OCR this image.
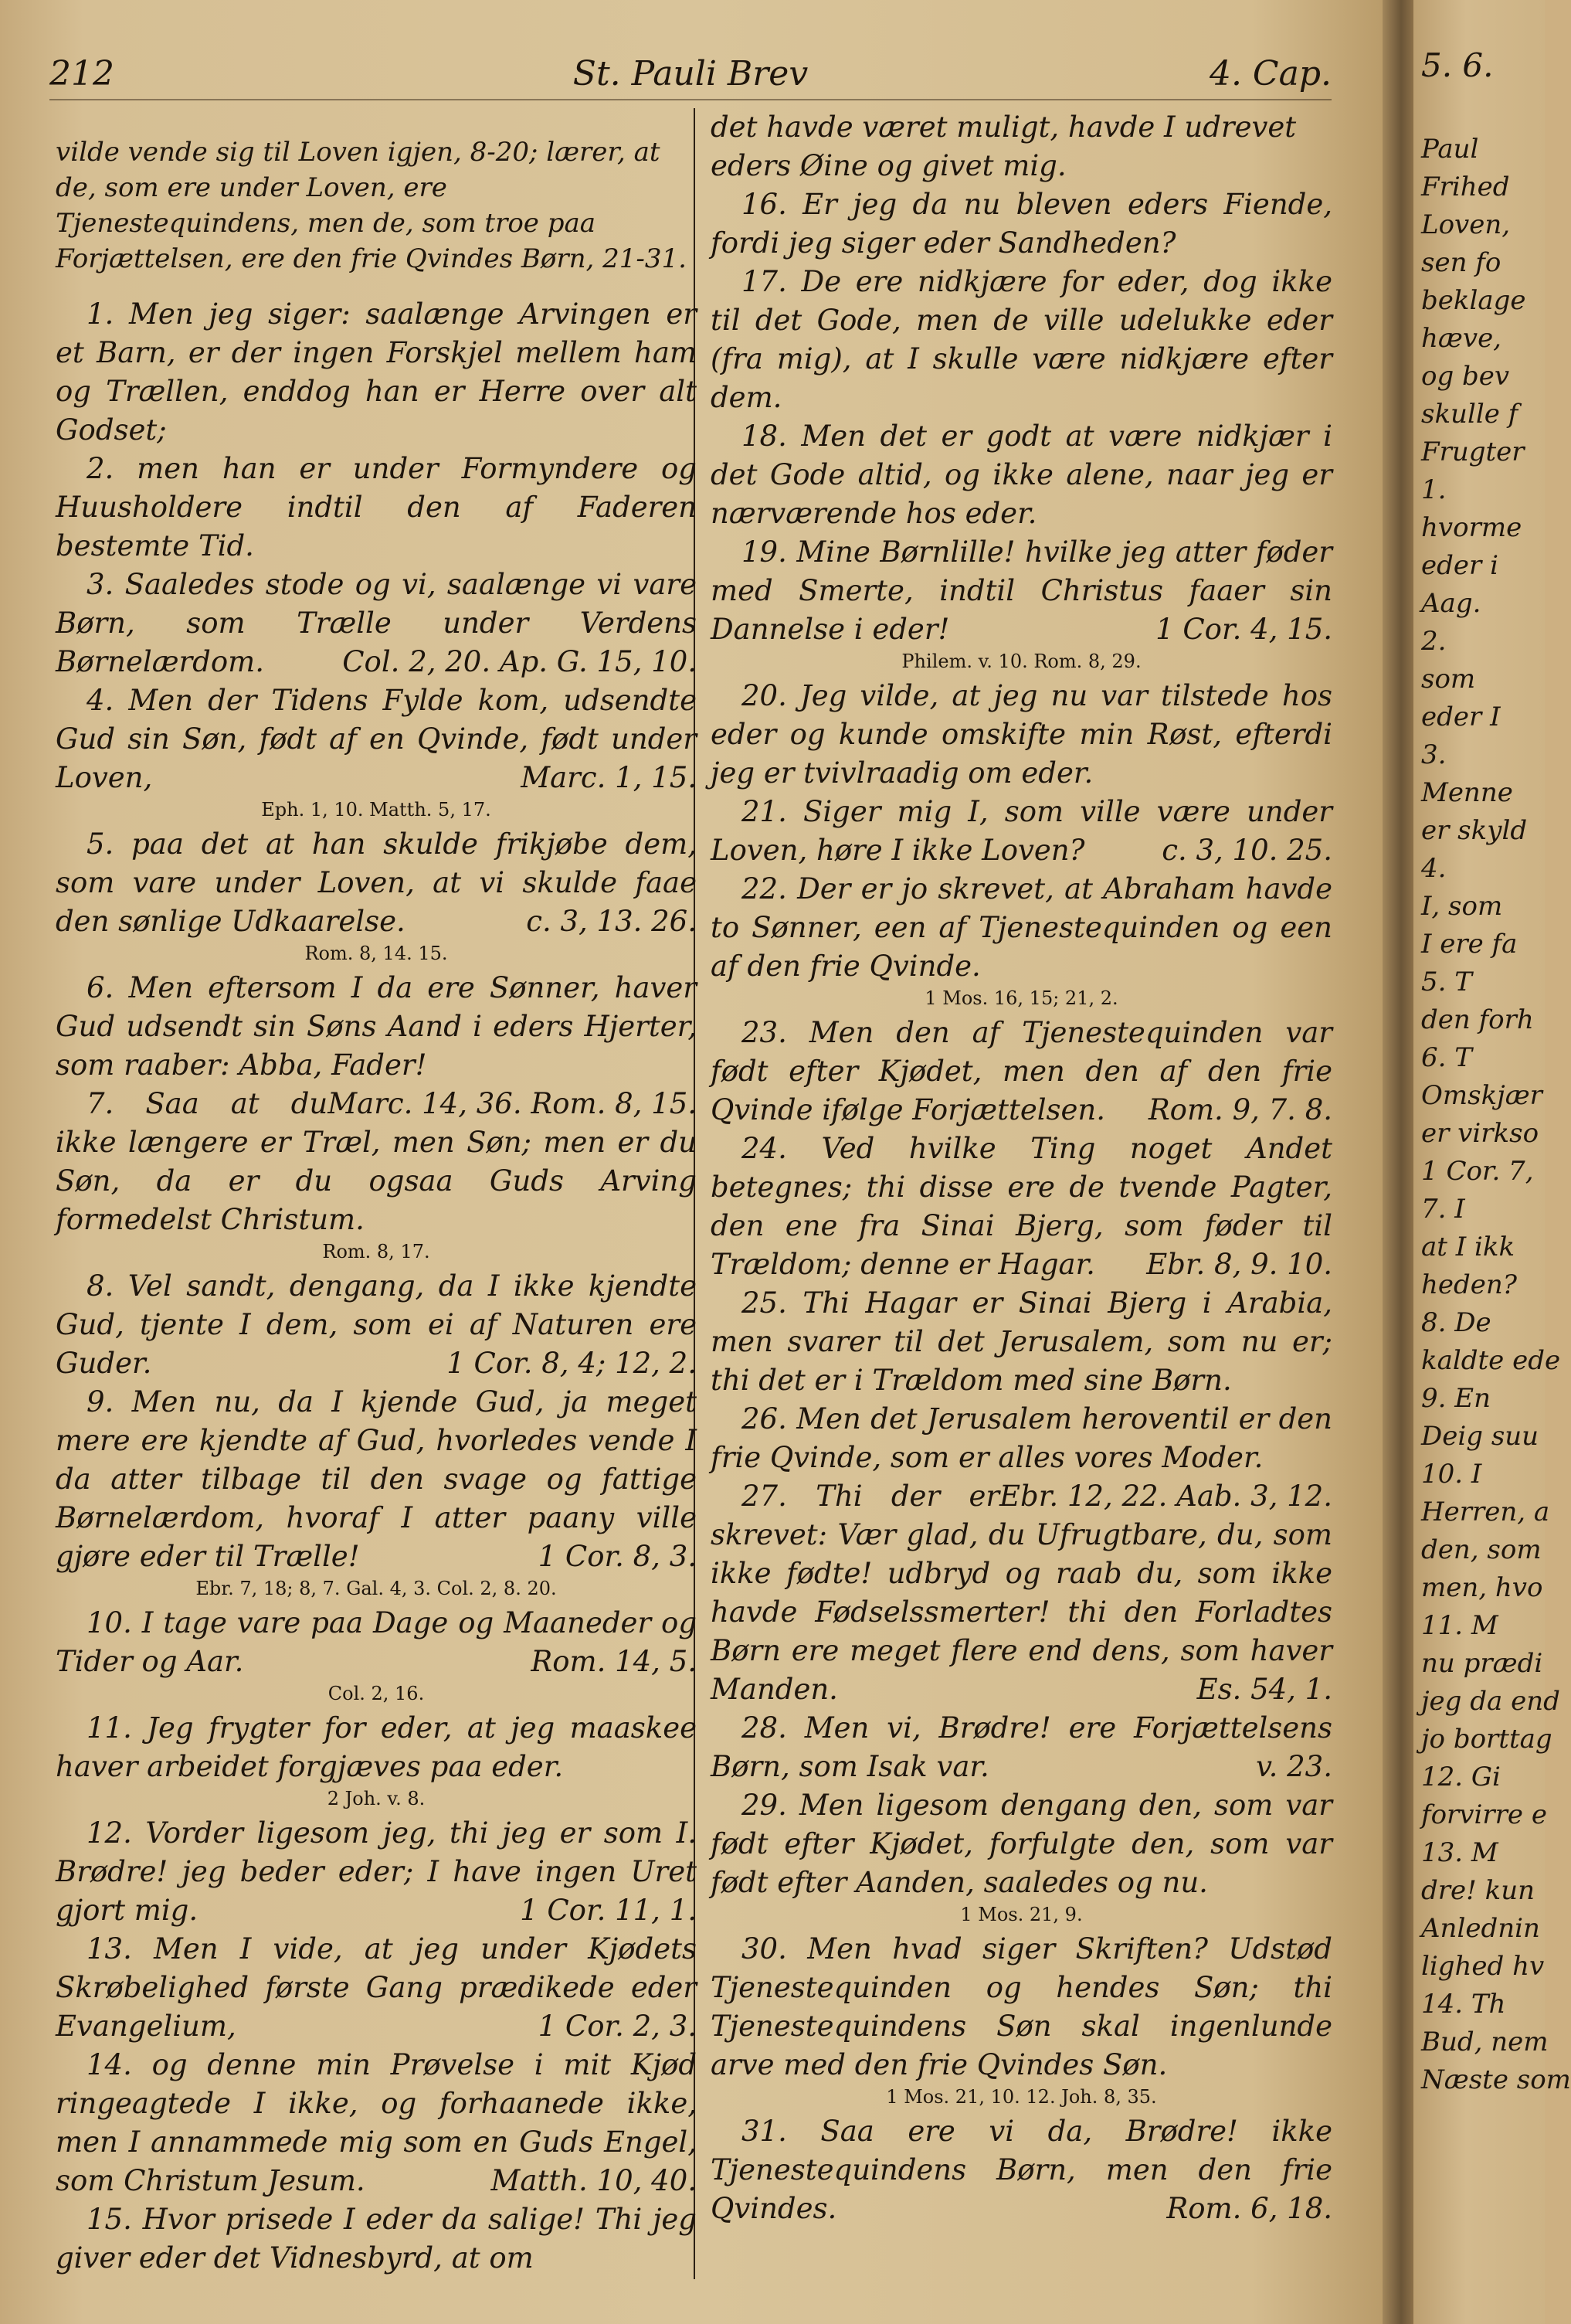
5. 6.
Paul
Frihed
Loven,
sen fo
beklage
hæve,
og bev
skulle f
Frugter
1.
hvorme
eder i
Aag.
2.
som
eder I
3.
Menne
er skyld
4.
I, som
I ere fa
5. T
den forh
6. T
Omskjær
er virkso
1 Cor. 7,
7. I
at I ikk
heden?
8. De
kaldte ede
9. En
Deig suu
10. I
Herren, a
den, som
men, hvo
11. M
nu prædi
jeg da end
jo borttag
12. Gi
forvirre e
13. M
dre! kun
Anlednin
lighed hv
14. Th
Bud, nem
Næste som
St. Pauli Brev
212	4. Cap.

vilde vende sig til Loven igjen, 8-20; lærer, at de, som ere under Loven, ere Tjenestequindens, men de, som troe paa Forjættelsen, ere den frie Qvindes Børn, 21-31.

1. Men jeg siger: saalænge Arvingen er et Barn, er der ingen Forskjel mellem ham og Trællen, enddog han er Herre over alt Godset;

2. men han er under Formyndere og Huusholdere indtil den af Faderen bestemte Tid.

3. Saaledes stode og vi, saalænge vi vare Børn, som Trælle under Verdens Børnelærdom.	Col. 2, 20. Ap. G. 15, 10.

4. Men der Tidens Fylde kom, udsendte Gud sin Søn, født af en Qvinde, født under Loven,	Marc. 1, 15.

Eph. 1, 10. Matth. 5, 17.

5. paa det at han skulde frikjøbe dem, som vare under Loven, at vi skulde faae den sønlige Udkaarelse.	c. 3, 13. 26.

Rom. 8, 14. 15.

6. Men eftersom I da ere Sønner, haver Gud udsendt sin Søns Aand i eders Hjerter, som raaber: Abba, Fader!
Marc. 14, 36. Rom. 8, 15.

7. Saa at du ikke længere er Træl, men Søn; men er du Søn, da er du ogsaa Guds Arving formedelst Christum.

Rom. 8, 17.

8. Vel sandt, dengang, da I ikke kjendte Gud, tjente I dem, som ei af Naturen ere Guder.	1 Cor. 8, 4; 12, 2.

9. Men nu, da I kjende Gud, ja meget mere ere kjendte af Gud, hvorledes vende I da atter tilbage til den svage og fattige Børnelærdom, hvoraf I atter paany ville gjøre eder til Trælle!	1 Cor. 8, 3.

Ebr. 7, 18; 8, 7. Gal. 4, 3. Col. 2, 8. 20.

10. I tage vare paa Dage og Maaneder og Tider og Aar.	Rom. 14, 5.

Col. 2, 16.

11. Jeg frygter for eder, at jeg maaskee haver arbeidet forgjæves paa eder.

2 Joh. v. 8.

12. Vorder ligesom jeg, thi jeg er som I. Brødre! jeg beder eder; I have ingen Uret gjort mig.	1 Cor. 11, 1.

13. Men I vide, at jeg under Kjødets Skrøbelighed første Gang prædikede eder Evangelium,	1 Cor. 2, 3.

14. og denne min Prøvelse i mit Kjød ringeagtede I ikke, og forhaanede ikke, men I annammede mig som en Guds Engel, som Christum Jesum.	Matth. 10, 40.

15. Hvor prisede I eder da salige! Thi jeg giver eder det Vidnesbyrd, at om

det havde været muligt, havde I udrevet eders Øine og givet mig.

16. Er jeg da nu bleven eders Fiende, fordi jeg siger eder Sandheden?

17. De ere nidkjære for eder, dog ikke til det Gode, men de ville udelukke eder (fra mig), at I skulle være nidkjære efter dem.

18. Men det er godt at være nidkjær i det Gode altid, og ikke alene, naar jeg er nærværende hos eder.

19. Mine Børnlille! hvilke jeg atter føder med Smerte, indtil Christus faaer sin Dannelse i eder!	1 Cor. 4, 15.

Philem. v. 10. Rom. 8, 29.

20. Jeg vilde, at jeg nu var tilstede hos eder og kunde omskifte min Røst, efterdi jeg er tvivlraadig om eder.

21. Siger mig I, som ville være under Loven, høre I ikke Loven?	c. 3, 10. 25.

22. Der er jo skrevet, at Abraham havde to Sønner, een af Tjenestequinden og een af den frie Qvinde.

1 Mos. 16, 15; 21, 2.

23. Men den af Tjenestequinden var født efter Kjødet, men den af den frie Qvinde ifølge Forjættelsen. Rom. 9, 7. 8.

24. Ved hvilke Ting noget Andet betegnes; thi disse ere de tvende Pagter, den ene fra Sinai Bjerg, som føder til Trældom; denne er Hagar. Ebr. 8, 9. 10.

25. Thi Hagar er Sinai Bjerg i Arabia, men svarer til det Jerusalem, som nu er; thi det er i Trældom med sine Børn.

26. Men det Jerusalem heroventil er den frie Qvinde, som er alles vores Moder.
Ebr. 12, 22. Aab. 3, 12.

27. Thi der er skrevet: Vær glad, du Ufrugtbare, du, som ikke fødte! udbryd og raab du, som ikke havde Fødselssmerter! thi den Forladtes Børn ere meget flere end dens, som haver Manden.	Es. 54, 1.

28. Men vi, Brødre! ere Forjættelsens Børn, som Isak var.	v. 23.

29. Men ligesom dengang den, som var født efter Kjødet, forfulgte den, som var født efter Aanden, saaledes og nu.

1 Mos. 21, 9.

30. Men hvad siger Skriften? Udstød Tjenestequinden og hendes Søn; thi Tjenestequindens Søn skal ingenlunde arve med den frie Qvindes Søn.

1 Mos. 21, 10. 12. Joh. 8, 35.

31. Saa ere vi da, Brødre! ikke Tjenestequindens Børn, men den frie Qvindes.	Rom. 6, 18.
